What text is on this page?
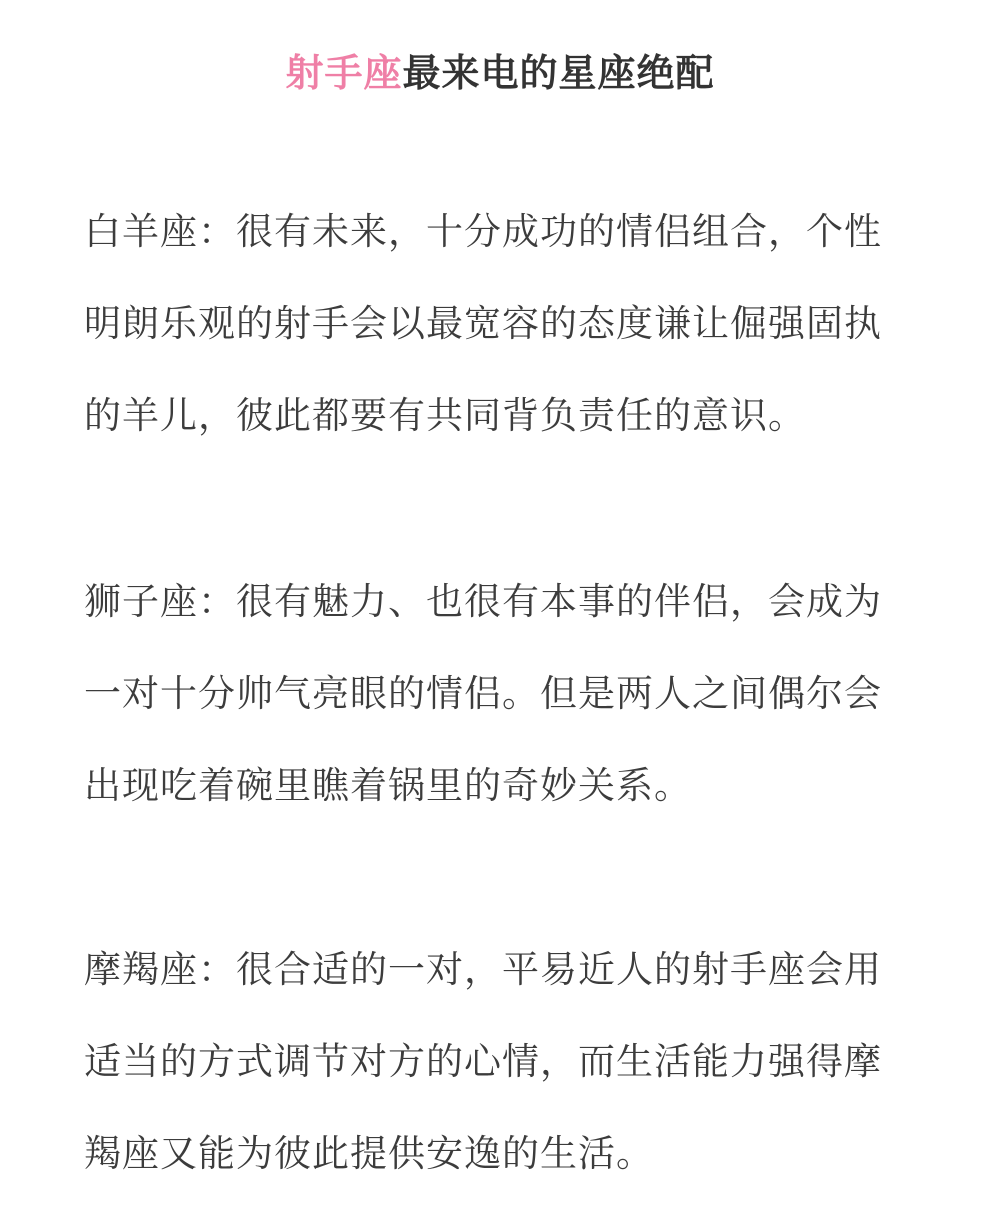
射手座最来电的星座绝配

白羊座：很有未来，十分成功的情侣组合，个性
明朗乐观的射手会以最宽容的态度谦让倔强固执
的羊儿，彼此都要有共同背负责任的意识。

狮子座：很有魅力、也很有本事的伴侣，会成为
一对十分帅气亮眼的情侣。但是两人之间偶尔会
出现吃着碗里瞧着锅里的奇妙关系。

摩羯座：很合适的一对，平易近人的射手座会用
适当的方式调节对方的心情，而生活能力强得摩
羯座又能为彼此提供安逸的生活。
